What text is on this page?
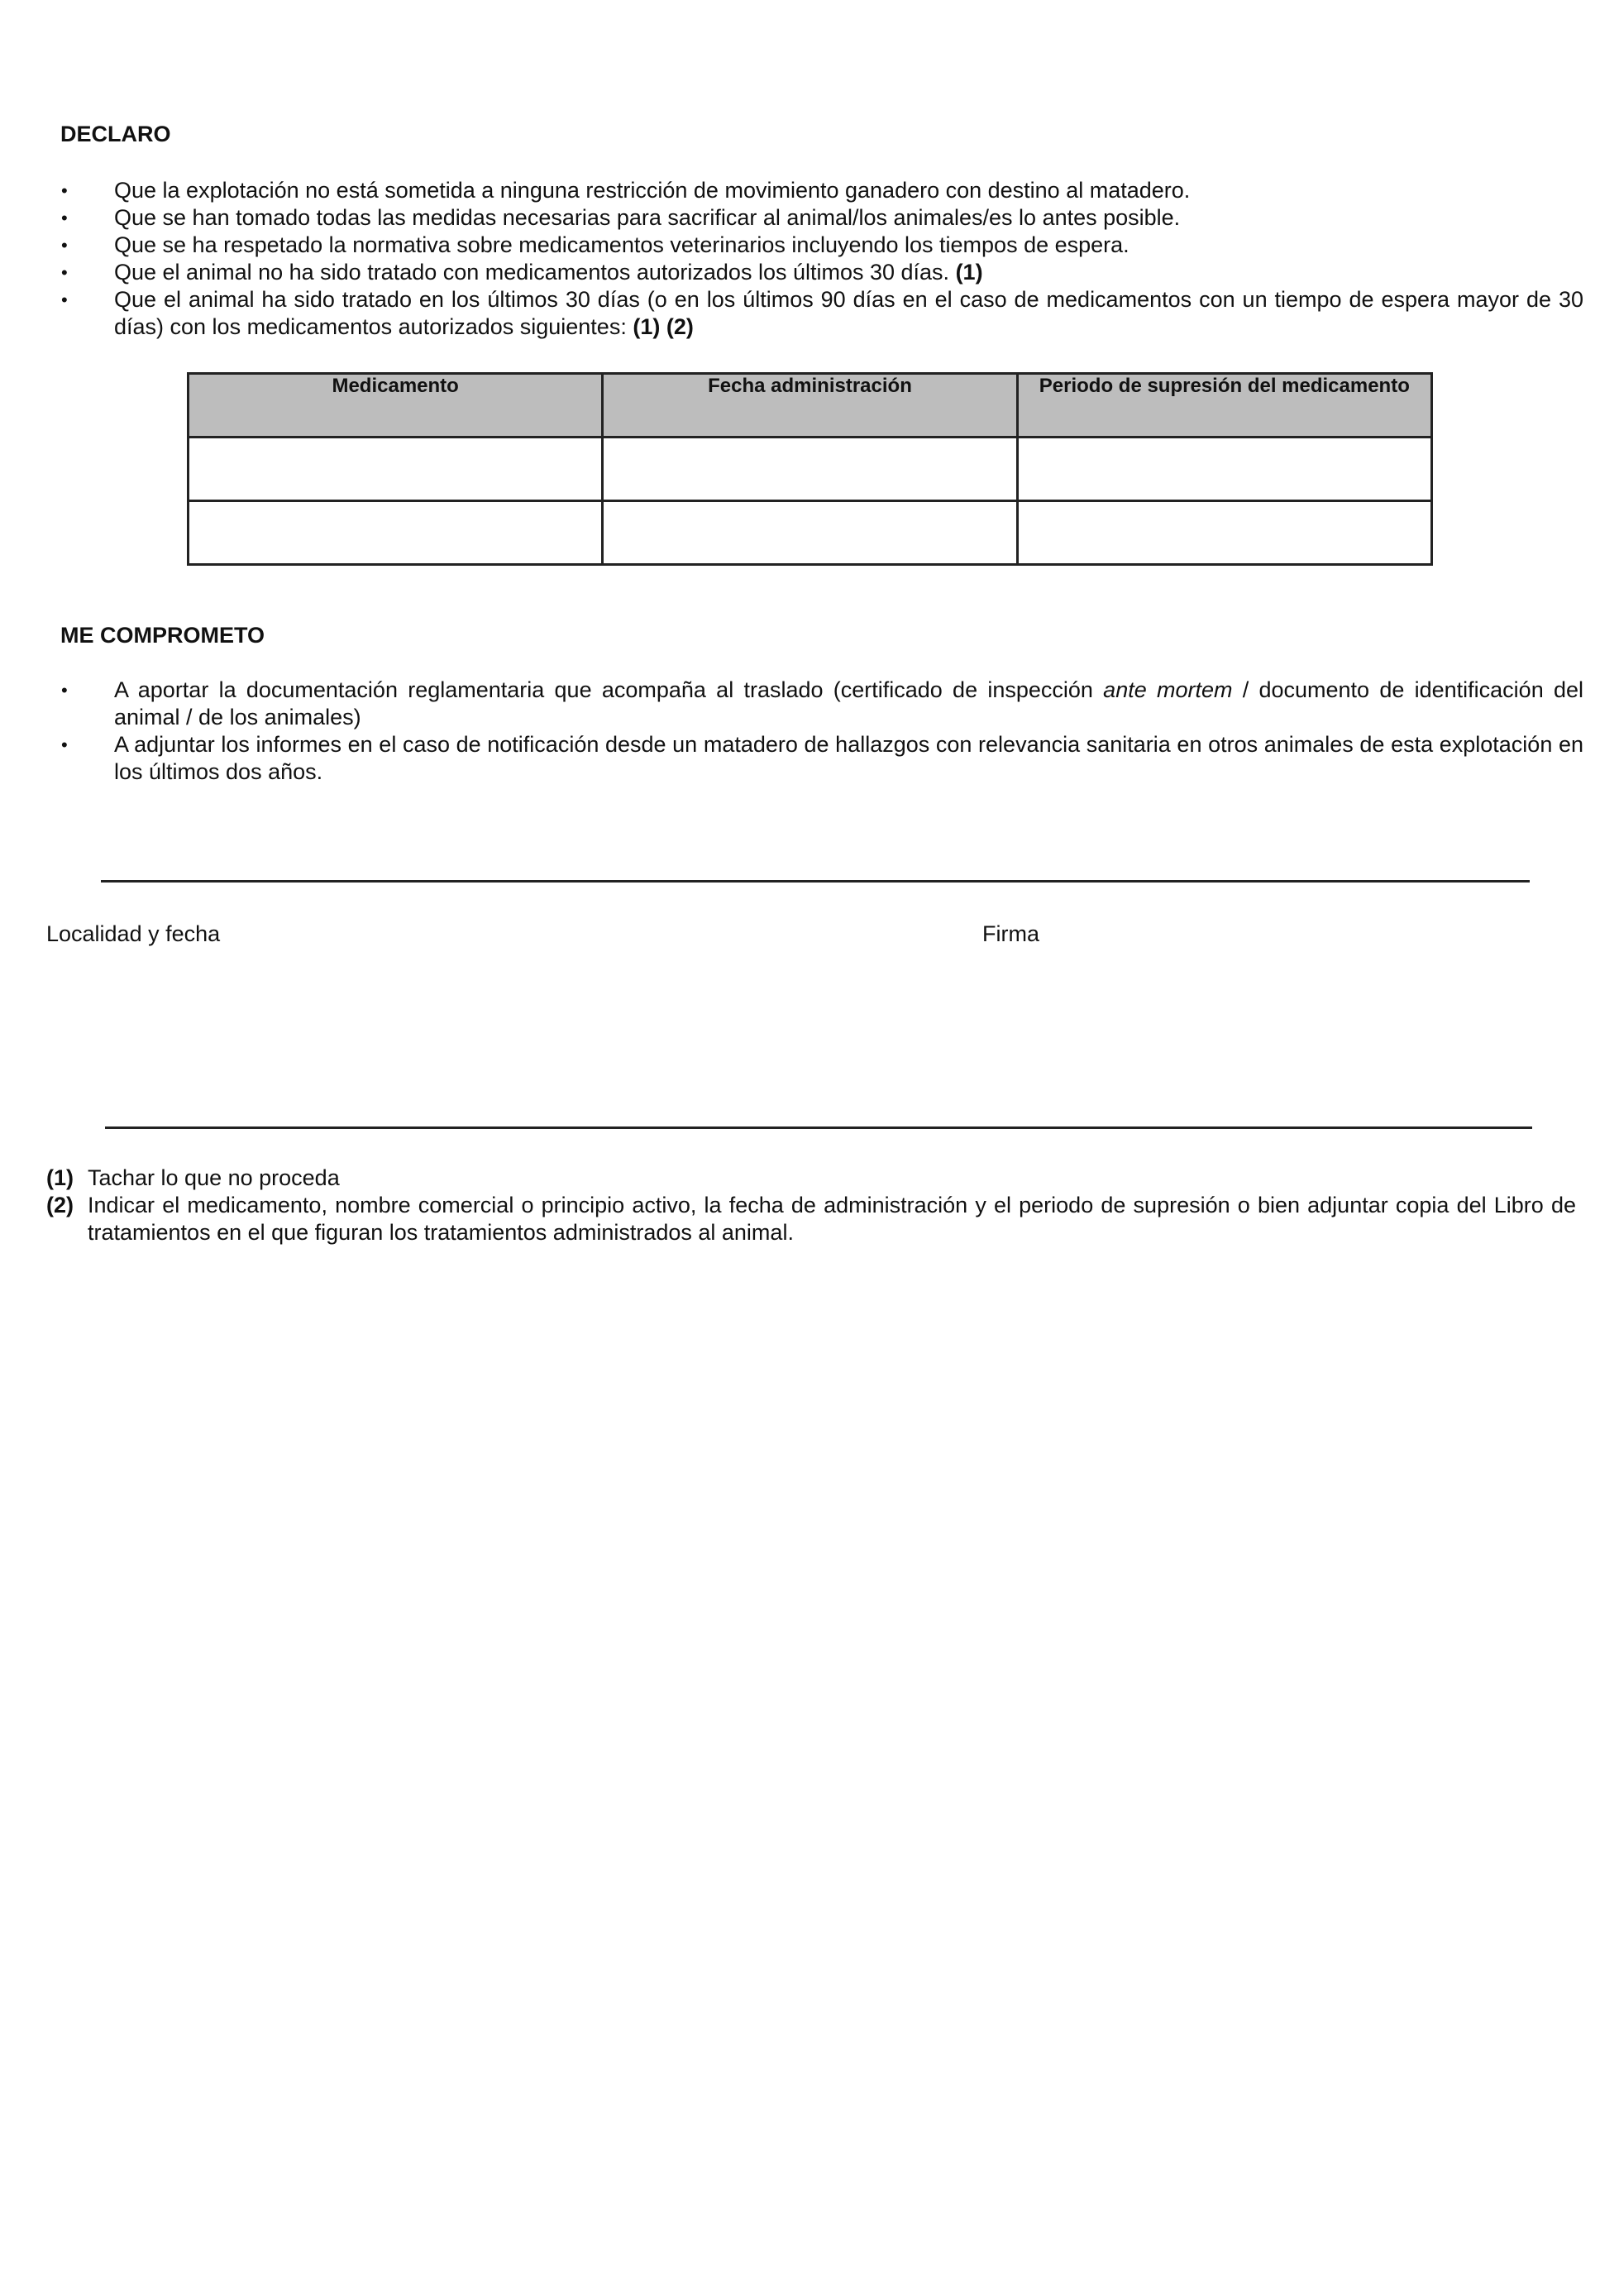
DECLARO
• Que la explotación no está sometida a ninguna restricción de movimiento ganadero con destino al matadero.
• Que se han tomado todas las medidas necesarias para sacrificar al animal/los animales/es lo antes posible.
• Que se ha respetado la normativa sobre medicamentos veterinarios incluyendo los tiempos de espera.
• Que el animal no ha sido tratado con medicamentos autorizados los últimos 30 días. (1)
• Que el animal ha sido tratado en los últimos 30 días (o en los últimos 90 días en el caso de medicamentos con un tiempo de espera mayor de 30 días) con los medicamentos autorizados siguientes: (1) (2)
Medicamento	Fecha administración	Periodo de supresión del medicamento

ME COMPROMETO
• A aportar la documentación reglamentaria que acompaña al traslado (certificado de inspección ante mortem / documento de identificación del animal / de los animales)
• A adjuntar los informes en el caso de notificación desde un matadero de hallazgos con relevancia sanitaria en otros animales de esta explotación en los últimos dos años.
Localidad y fecha	Firma
(1) Tachar lo que no proceda
(2) Indicar el medicamento, nombre comercial o principio activo, la fecha de administración y el periodo de supresión o bien adjuntar copia del Libro de tratamientos en el que figuran los tratamientos administrados al animal.
